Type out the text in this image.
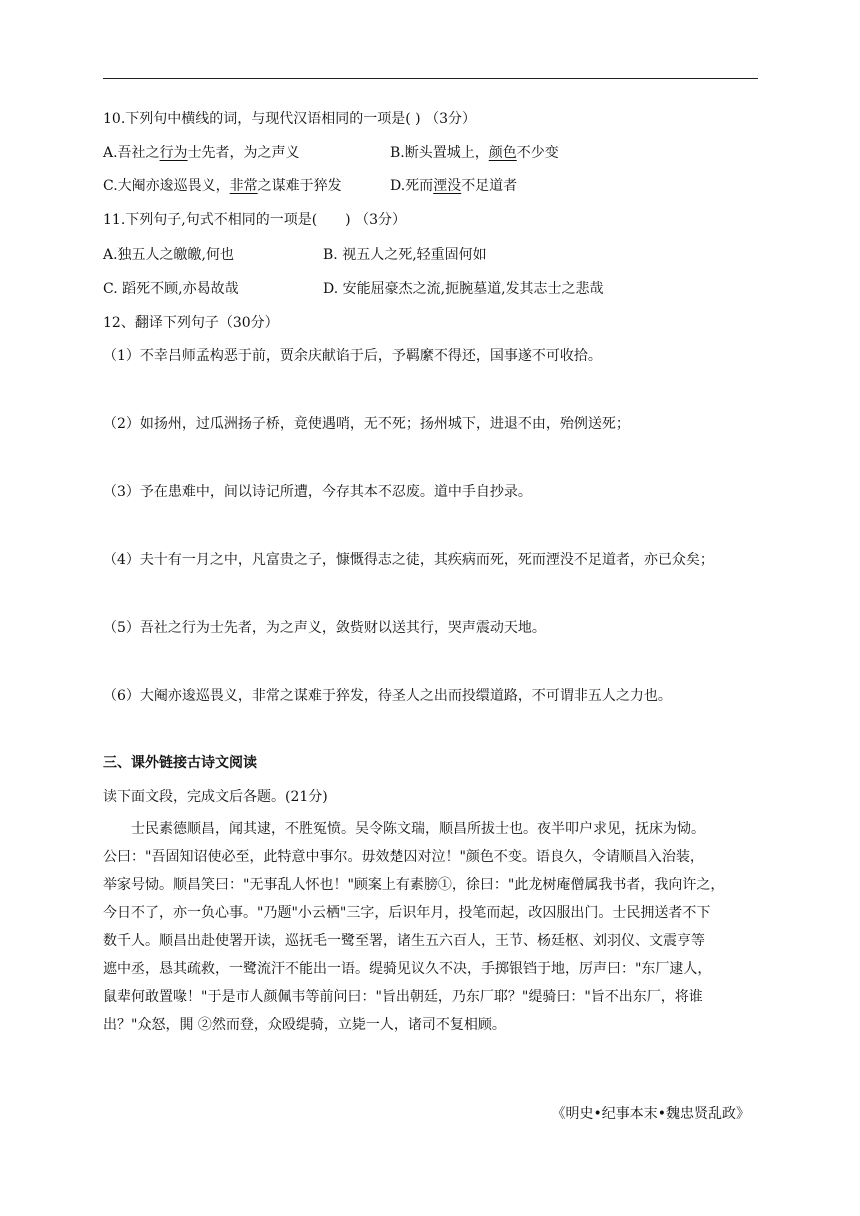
10.下列句中横线的词，与现代汉语相同的一项是( ) （3分）
A.吾社之行为士先者，为之声义	B.断头置城上，颜色不少变
C.大阉亦逡巡畏义，非常之谋难于猝发	D.死而湮没不足道者
11.下列句子,句式不相同的一项是(　　) （3分）
A.独五人之皦皦,何也	B. 视五人之死,轻重固何如
C. 蹈死不顾,亦曷故哉	D. 安能屈豪杰之流,扼腕墓道,发其志士之悲哉
12、翻译下列句子（30分）
（1）不幸吕师孟构恶于前，贾余庆献谄于后，予羁縻不得还，国事遂不可收拾。
（2）如扬州，过瓜洲扬子桥，竟使遇哨，无不死；扬州城下，进退不由，殆例送死；
（3）予在患难中，间以诗记所遭，今存其本不忍废。道中手自抄录。
（4）夫十有一月之中，凡富贵之子，慷慨得志之徒，其疾病而死，死而湮没不足道者，亦已众矣；
（5）吾社之行为士先者，为之声义，敛赀财以送其行，哭声震动天地。
（6）大阉亦逡巡畏义，非常之谋难于猝发，待圣人之出而投缳道路，不可谓非五人之力也。
三、课外链接古诗文阅读
读下面文段，完成文后各题。(21分)
　　士民素德顺昌，闻其逮，不胜冤愤。吴令陈文瑞，顺昌所拔士也。夜半叩户求见，抚床为恸。
公曰："吾固知诏使必至，此特意中事尔。毋效楚囚对泣！"颜色不变。语良久，令请顺昌入治装，
举家号恸。顺昌笑曰："无事乱人怀也！"顾案上有素膀①，徐曰："此龙树庵僧属我书者，我向许之，
今日不了，亦一负心事。"乃题"小云栖"三字，后识年月，投笔而起，改囚服出门。士民拥送者不下
数千人。顺昌出赴使署开读，巡抚毛一鹭至署，诸生五六百人，王节、杨廷枢、刘羽仪、文震亨等
遮中丞，恳其疏救，一鹭流汗不能出一语。缇骑见议久不决，手掷银铛于地，厉声曰："东厂逮人，
鼠辈何敢置喙！"于是市人颜佩韦等前问曰："旨出朝廷，乃东厂耶？"缇骑曰："旨不出东厂，将谁
出？"众怒，閧 ②然而登，众殴缇骑，立毙一人，诸司不复相顾。
《明史•纪事本末•魏忠贤乱政》
